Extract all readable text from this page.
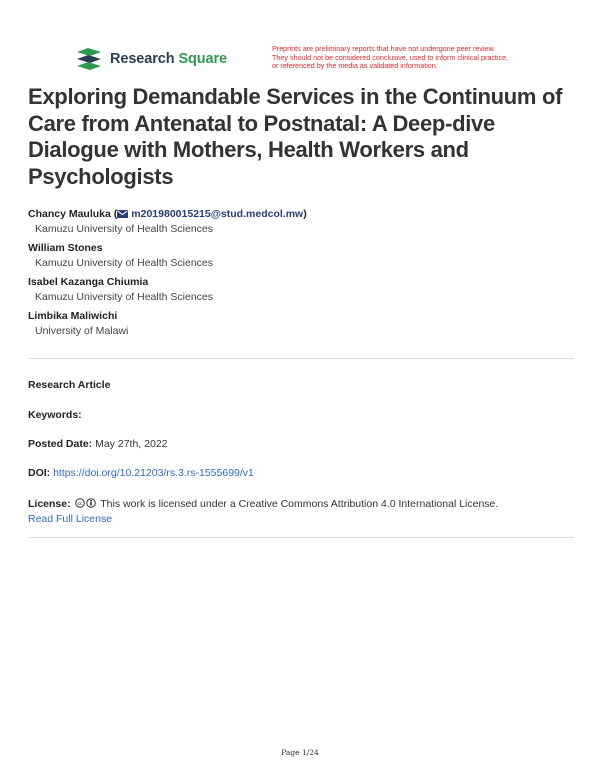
Research Square
Preprints are preliminary reports that have not undergone peer review.
They should not be considered conclusive, used to inform clinical practice,
or referenced by the media as validated information.
Exploring Demandable Services in the Continuum of Care from Antenatal to Postnatal: A Deep-dive Dialogue with Mothers, Health Workers and Psychologists
Chancy Mauluka ( m201980015215@stud.medcol.mw)
Kamuzu University of Health Sciences
William Stones
Kamuzu University of Health Sciences
Isabel Kazanga Chiumia
Kamuzu University of Health Sciences
Limbika Maliwichi
University of Malawi
Research Article
Keywords:
Posted Date: May 27th, 2022
DOI: https://doi.org/10.21203/rs.3.rs-1555699/v1
License: cc This work is licensed under a Creative Commons Attribution 4.0 International License.
Read Full License
Page 1/24
